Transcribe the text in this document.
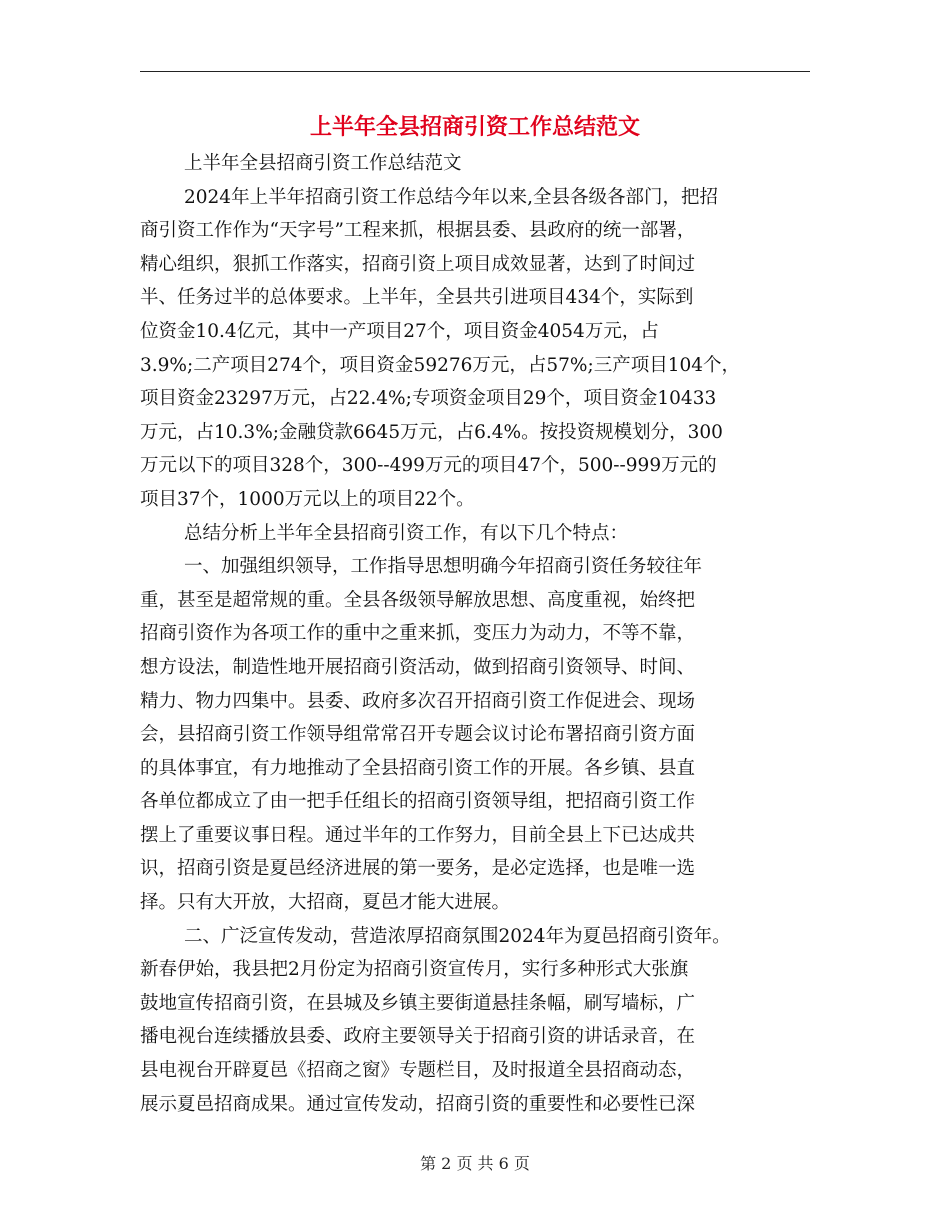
上半年全县招商引资工作总结范文
上半年全县招商引资工作总结范文
2024年上半年招商引资工作总结今年以来,全县各级各部门，把招
商引资工作作为“天字号”工程来抓，根据县委、县政府的统一部署，
精心组织，狠抓工作落实，招商引资上项目成效显著，达到了时间过
半、任务过半的总体要求。上半年，全县共引进项目434个，实际到
位资金10.4亿元，其中一产项目27个，项目资金4054万元，占
3.9%;二产项目274个，项目资金59276万元，占57%;三产项目104个，
项目资金23297万元，占22.4%;专项资金项目29个，项目资金10433
万元，占10.3%;金融贷款6645万元，占6.4%。按投资规模划分，300
万元以下的项目328个，300--499万元的项目47个，500--999万元的
项目37个，1000万元以上的项目22个。
总结分析上半年全县招商引资工作，有以下几个特点：
一、加强组织领导，工作指导思想明确今年招商引资任务较往年
重，甚至是超常规的重。全县各级领导解放思想、高度重视，始终把
招商引资作为各项工作的重中之重来抓，变压力为动力，不等不靠，
想方设法，制造性地开展招商引资活动，做到招商引资领导、时间、
精力、物力四集中。县委、政府多次召开招商引资工作促进会、现场
会，县招商引资工作领导组常常召开专题会议讨论布署招商引资方面
的具体事宜，有力地推动了全县招商引资工作的开展。各乡镇、县直
各单位都成立了由一把手任组长的招商引资领导组，把招商引资工作
摆上了重要议事日程。通过半年的工作努力，目前全县上下已达成共
识，招商引资是夏邑经济进展的第一要务，是必定选择，也是唯一选
择。只有大开放，大招商，夏邑才能大进展。
二、广泛宣传发动，营造浓厚招商氛围2024年为夏邑招商引资年。
新春伊始，我县把2月份定为招商引资宣传月，实行多种形式大张旗
鼓地宣传招商引资，在县城及乡镇主要街道悬挂条幅，刷写墙标，广
播电视台连续播放县委、政府主要领导关于招商引资的讲话录音，在
县电视台开辟夏邑《招商之窗》专题栏目，及时报道全县招商动态，
展示夏邑招商成果。通过宣传发动，招商引资的重要性和必要性已深
第 2 页 共 6 页
